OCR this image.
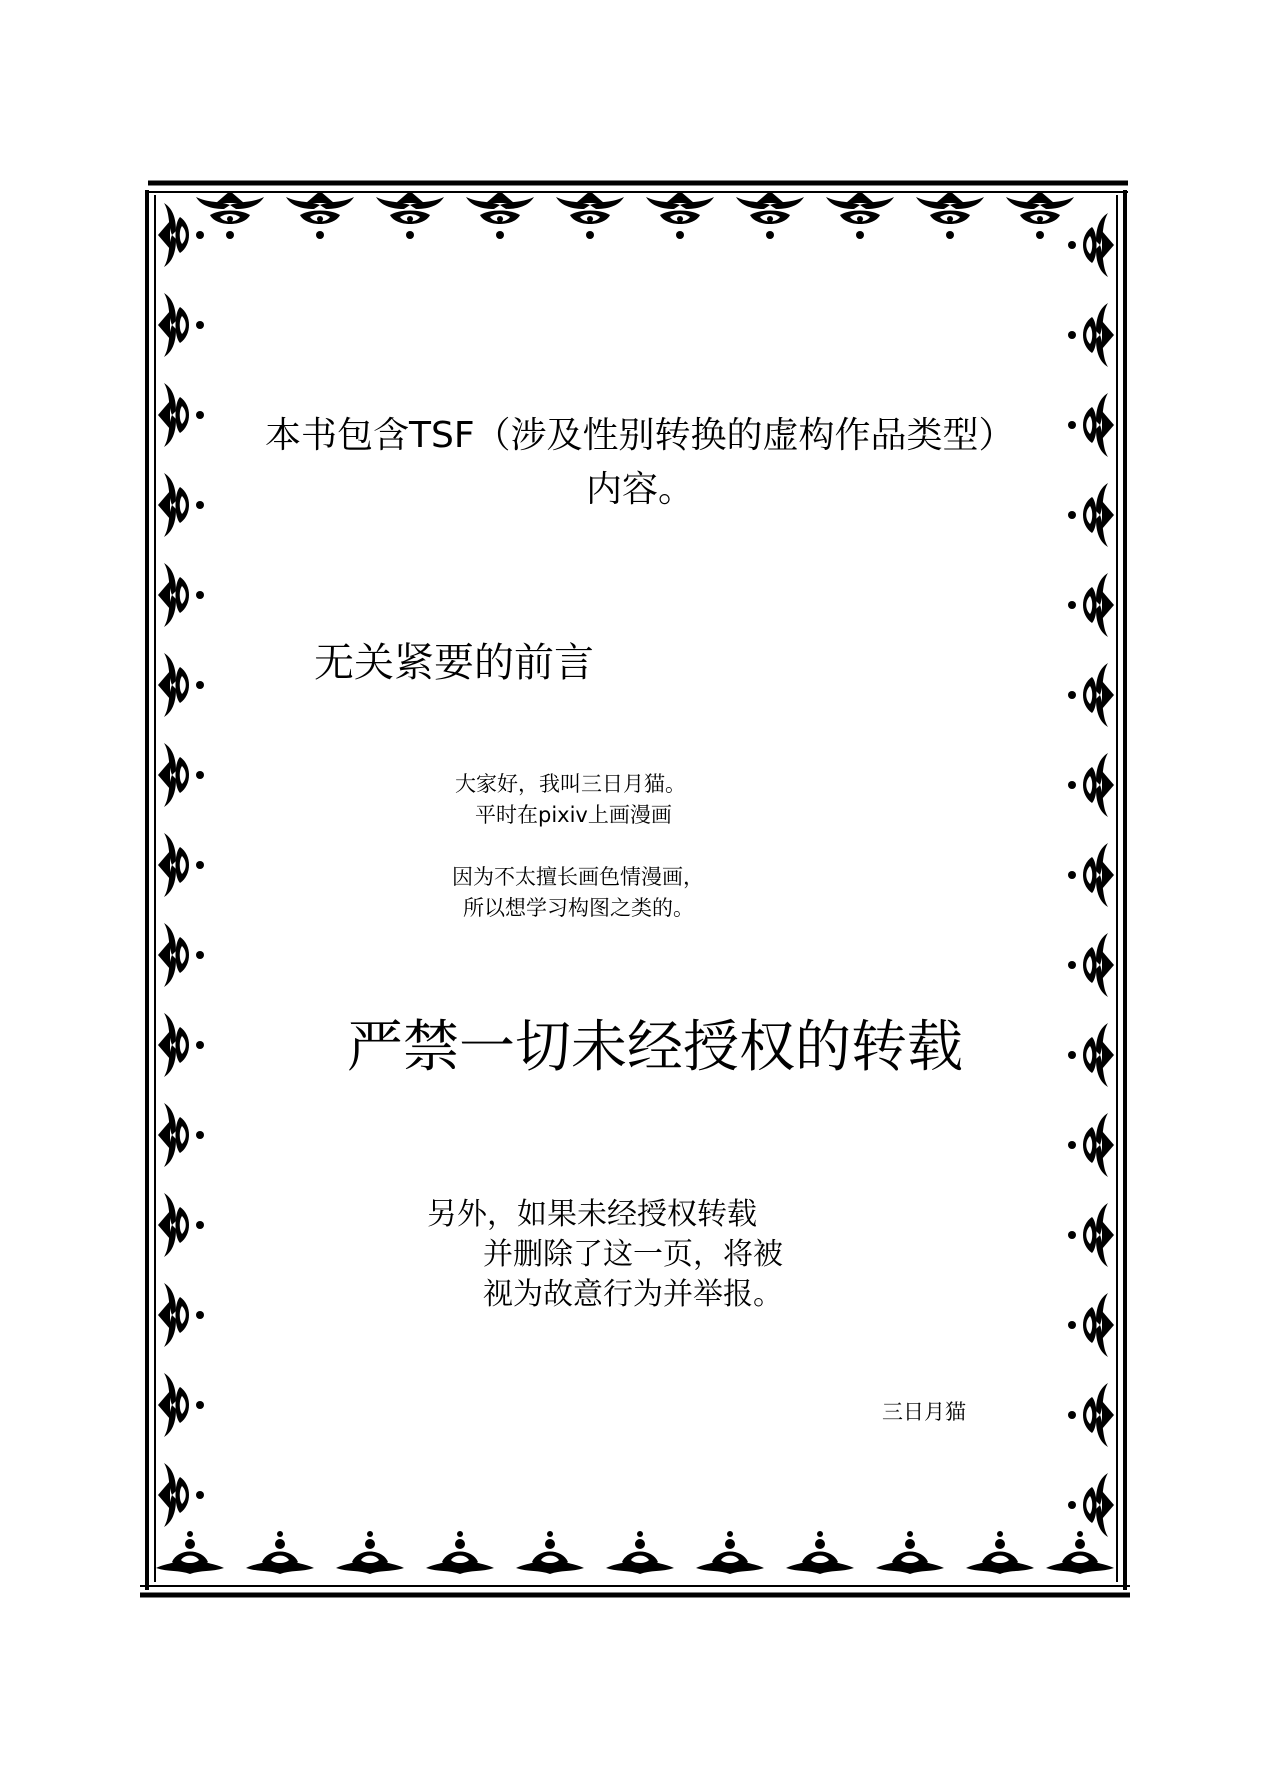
本书包含TSF（涉及性别转换的虚构作品类型）
内容。
无关紧要的前言
大家好，我叫三日月猫。
平时在pixiv上画漫画
因为不太擅长画色情漫画，
所以想学习构图之类的。
严禁一切未经授权的转载
另外，如果未经授权转载
并删除了这一页，将被
视为故意行为并举报。
三日月猫
